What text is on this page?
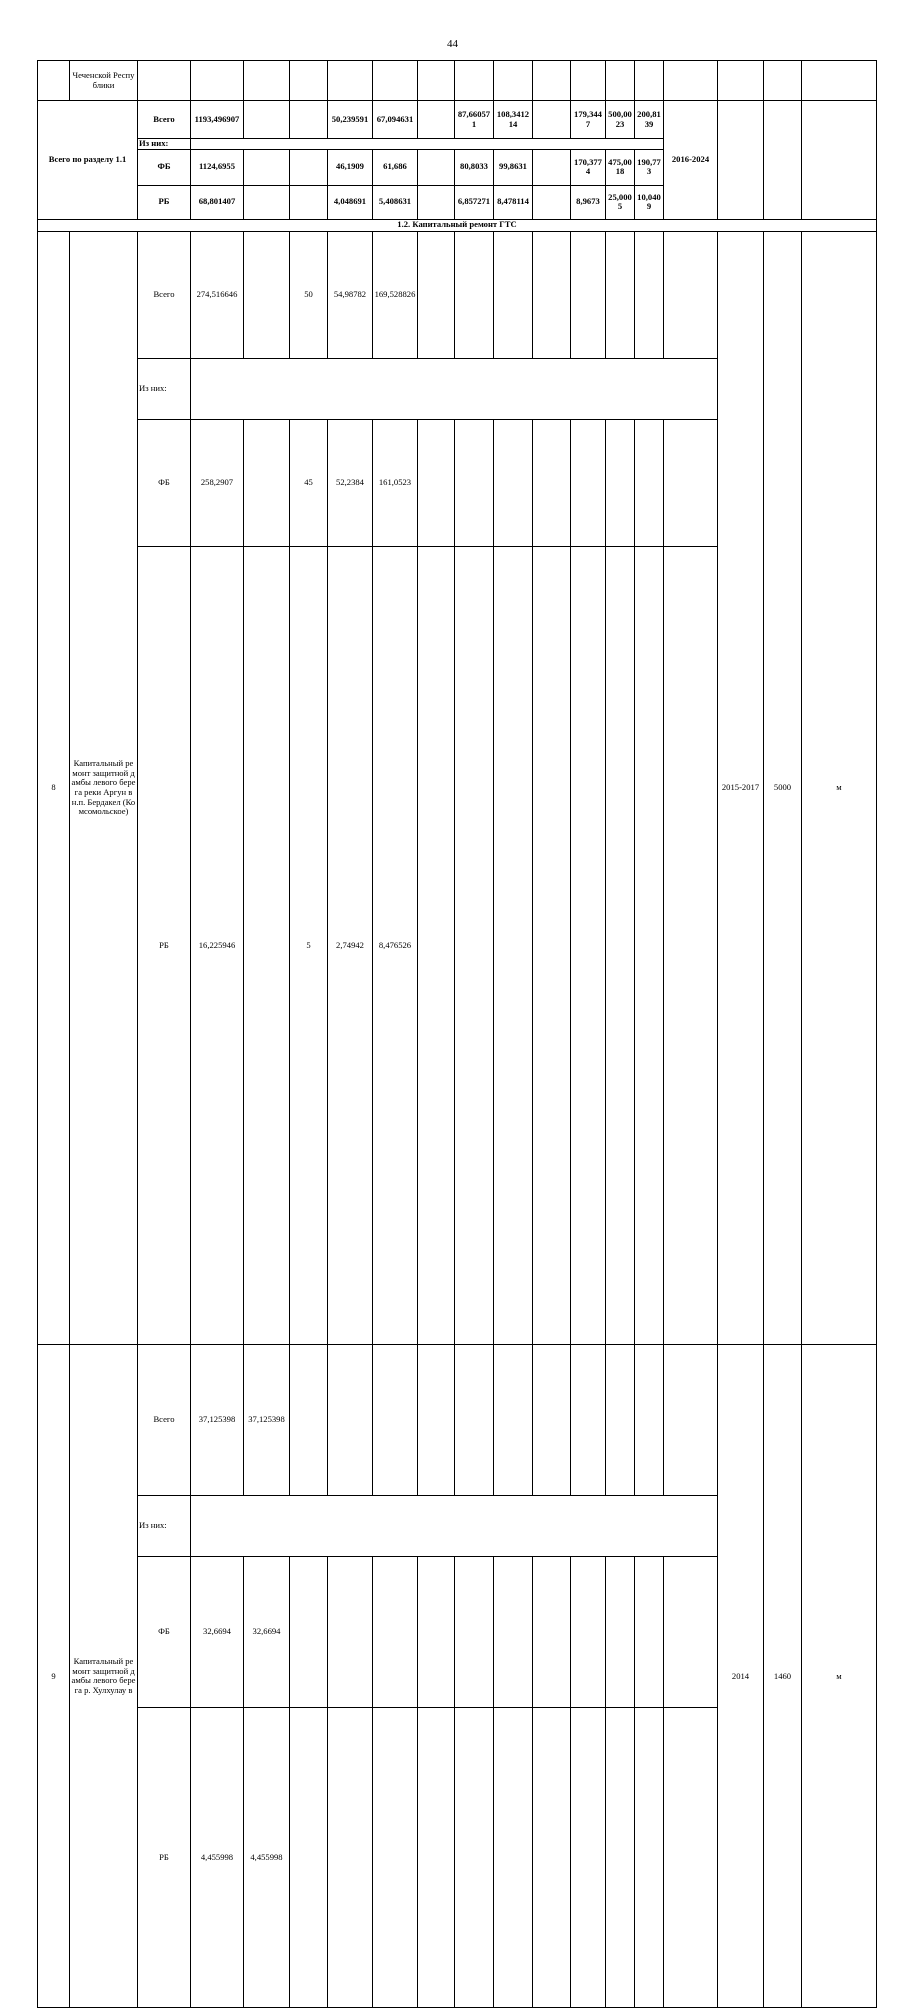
44
	Чеченской Республики																		
Всего по разделу 1.1		Всего	1193,496907			50,239591	67,094631		87,660571	108,341214		179,3447	500,0023	200,8139	2016-2024				
		Из них:																	
		ФБ	1124,6955			46,1909	61,686		80,8033	99,8631		170,3774	475,0018	190,773					
		РБ	68,801407			4,048691	5,408631		6,857271	8,478114		8,9673	25,0005	10,0409					
1.2. Капитальный ремонт ГТС																			
8	Капитальный ремонт защитной дамбы левого берега реки Аргун в н.п. Бердакел (Комсомольское)	Всего	274,516646		50	54,98782	169,528826									2015-2017	5000	м	
		Из них:																	
		ФБ	258,2907		45	52,2384	161,0523												
		РБ	16,225946		5	2,74942	8,476526												
9	Капитальный ремонт защитной дамбы левого берега р. Хулхулау в	Всего	37,125398	37,125398												2014	1460	м	
		Из них:																	
		ФБ	32,6694	32,6694															
		РБ	4,455998	4,455998															
